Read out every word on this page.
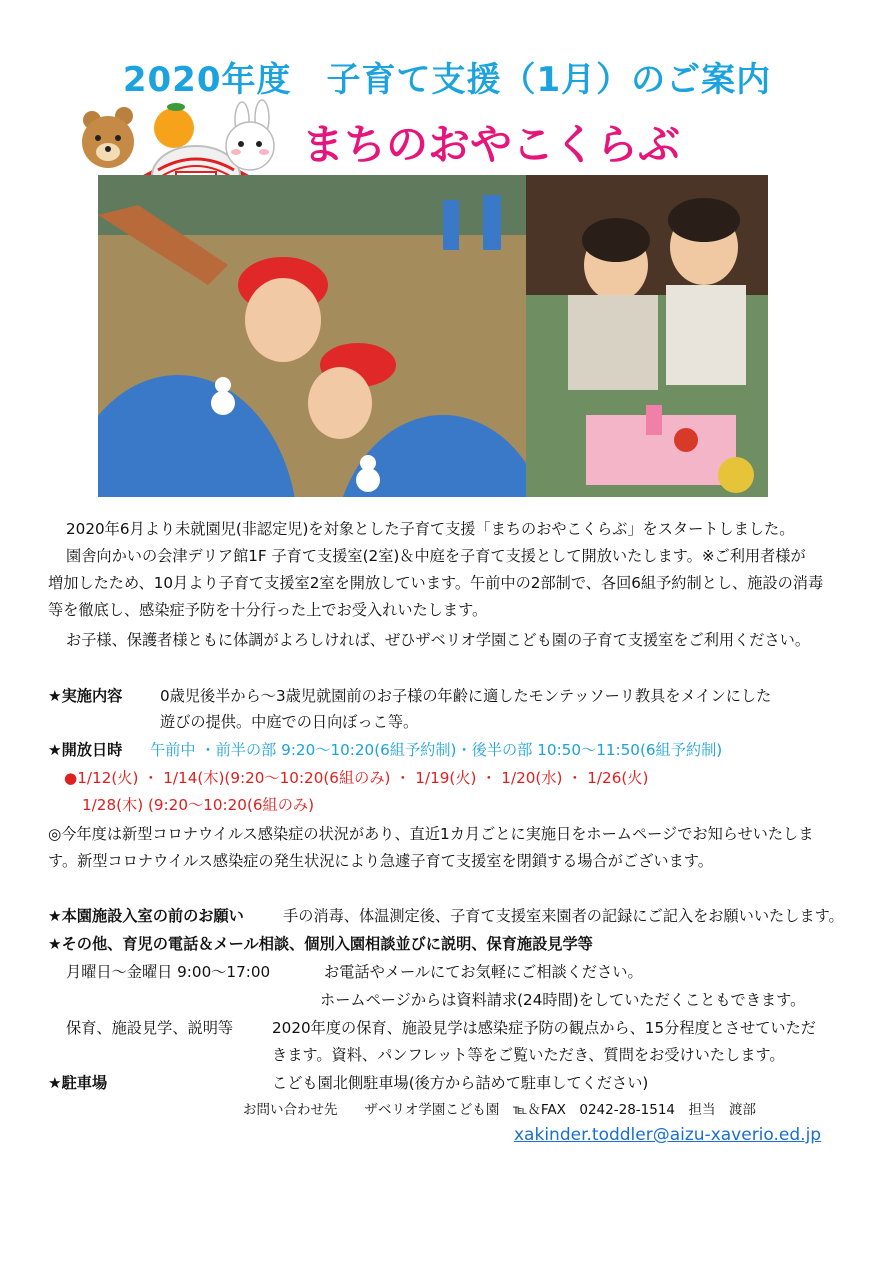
2020年度　子育て支援（1月）のご案内
まちのおやこくらぶ
2020年6月より未就園児(非認定児)を対象とした子育て支援「まちのおやこくらぶ」をスタートしました。
園舎向かいの会津デリア館1F 子育て支援室(2室)＆中庭を子育て支援として開放いたします。※ご利用者様が
増加したため、10月より子育て支援室2室を開放しています。午前中の2部制で、各回6組予約制とし、施設の消毒
等を徹底し、感染症予防を十分行った上でお受入れいたします。
お子様、保護者様ともに体調がよろしければ、ぜひザベリオ学園こども園の子育て支援室をご利用ください。
★実施内容 0歳児後半から～3歳児就園前のお子様の年齢に適したモンテッソーリ教具をメインにした
遊びの提供。中庭での日向ぼっこ等。
★開放日時 午前中 ・前半の部 9:20～10:20(6組予約制)・後半の部 10:50～11:50(6組予約制)
●1/12(火) ・ 1/14(木)(9:20～10:20(6組のみ) ・ 1/19(火) ・ 1/20(水) ・ 1/26(火)
1/28(木) (9:20～10:20(6組のみ)
◎今年度は新型コロナウイルス感染症の状況があり、直近1カ月ごとに実施日をホームページでお知らせいたしま
す。新型コロナウイルス感染症の発生状況により急遽子育て支援室を閉鎖する場合がございます。
★本園施設入室の前のお願い	手の消毒、体温測定後、子育て支援室来園者の記録にご記入をお願いいたします。
★その他、育児の電話＆メール相談、個別入園相談並びに説明、保育施設見学等
月曜日～金曜日 9:00～17:00	お電話やメールにてお気軽にご相談ください。
ホームページからは資料請求(24時間)をしていただくこともできます。
保育、施設見学、説明等	2020年度の保育、施設見学は感染症予防の観点から、15分程度とさせていただ
きます。資料、パンフレット等をご覧いただき、質問をお受けいたします。
★駐車場	こども園北側駐車場(後方から詰めて駐車してください)
お問い合わせ先　　ザベリオ学園こども園　℡＆FAX　0242-28-1514　担当　渡部
xakinder.toddler@aizu-xaverio.ed.jp
